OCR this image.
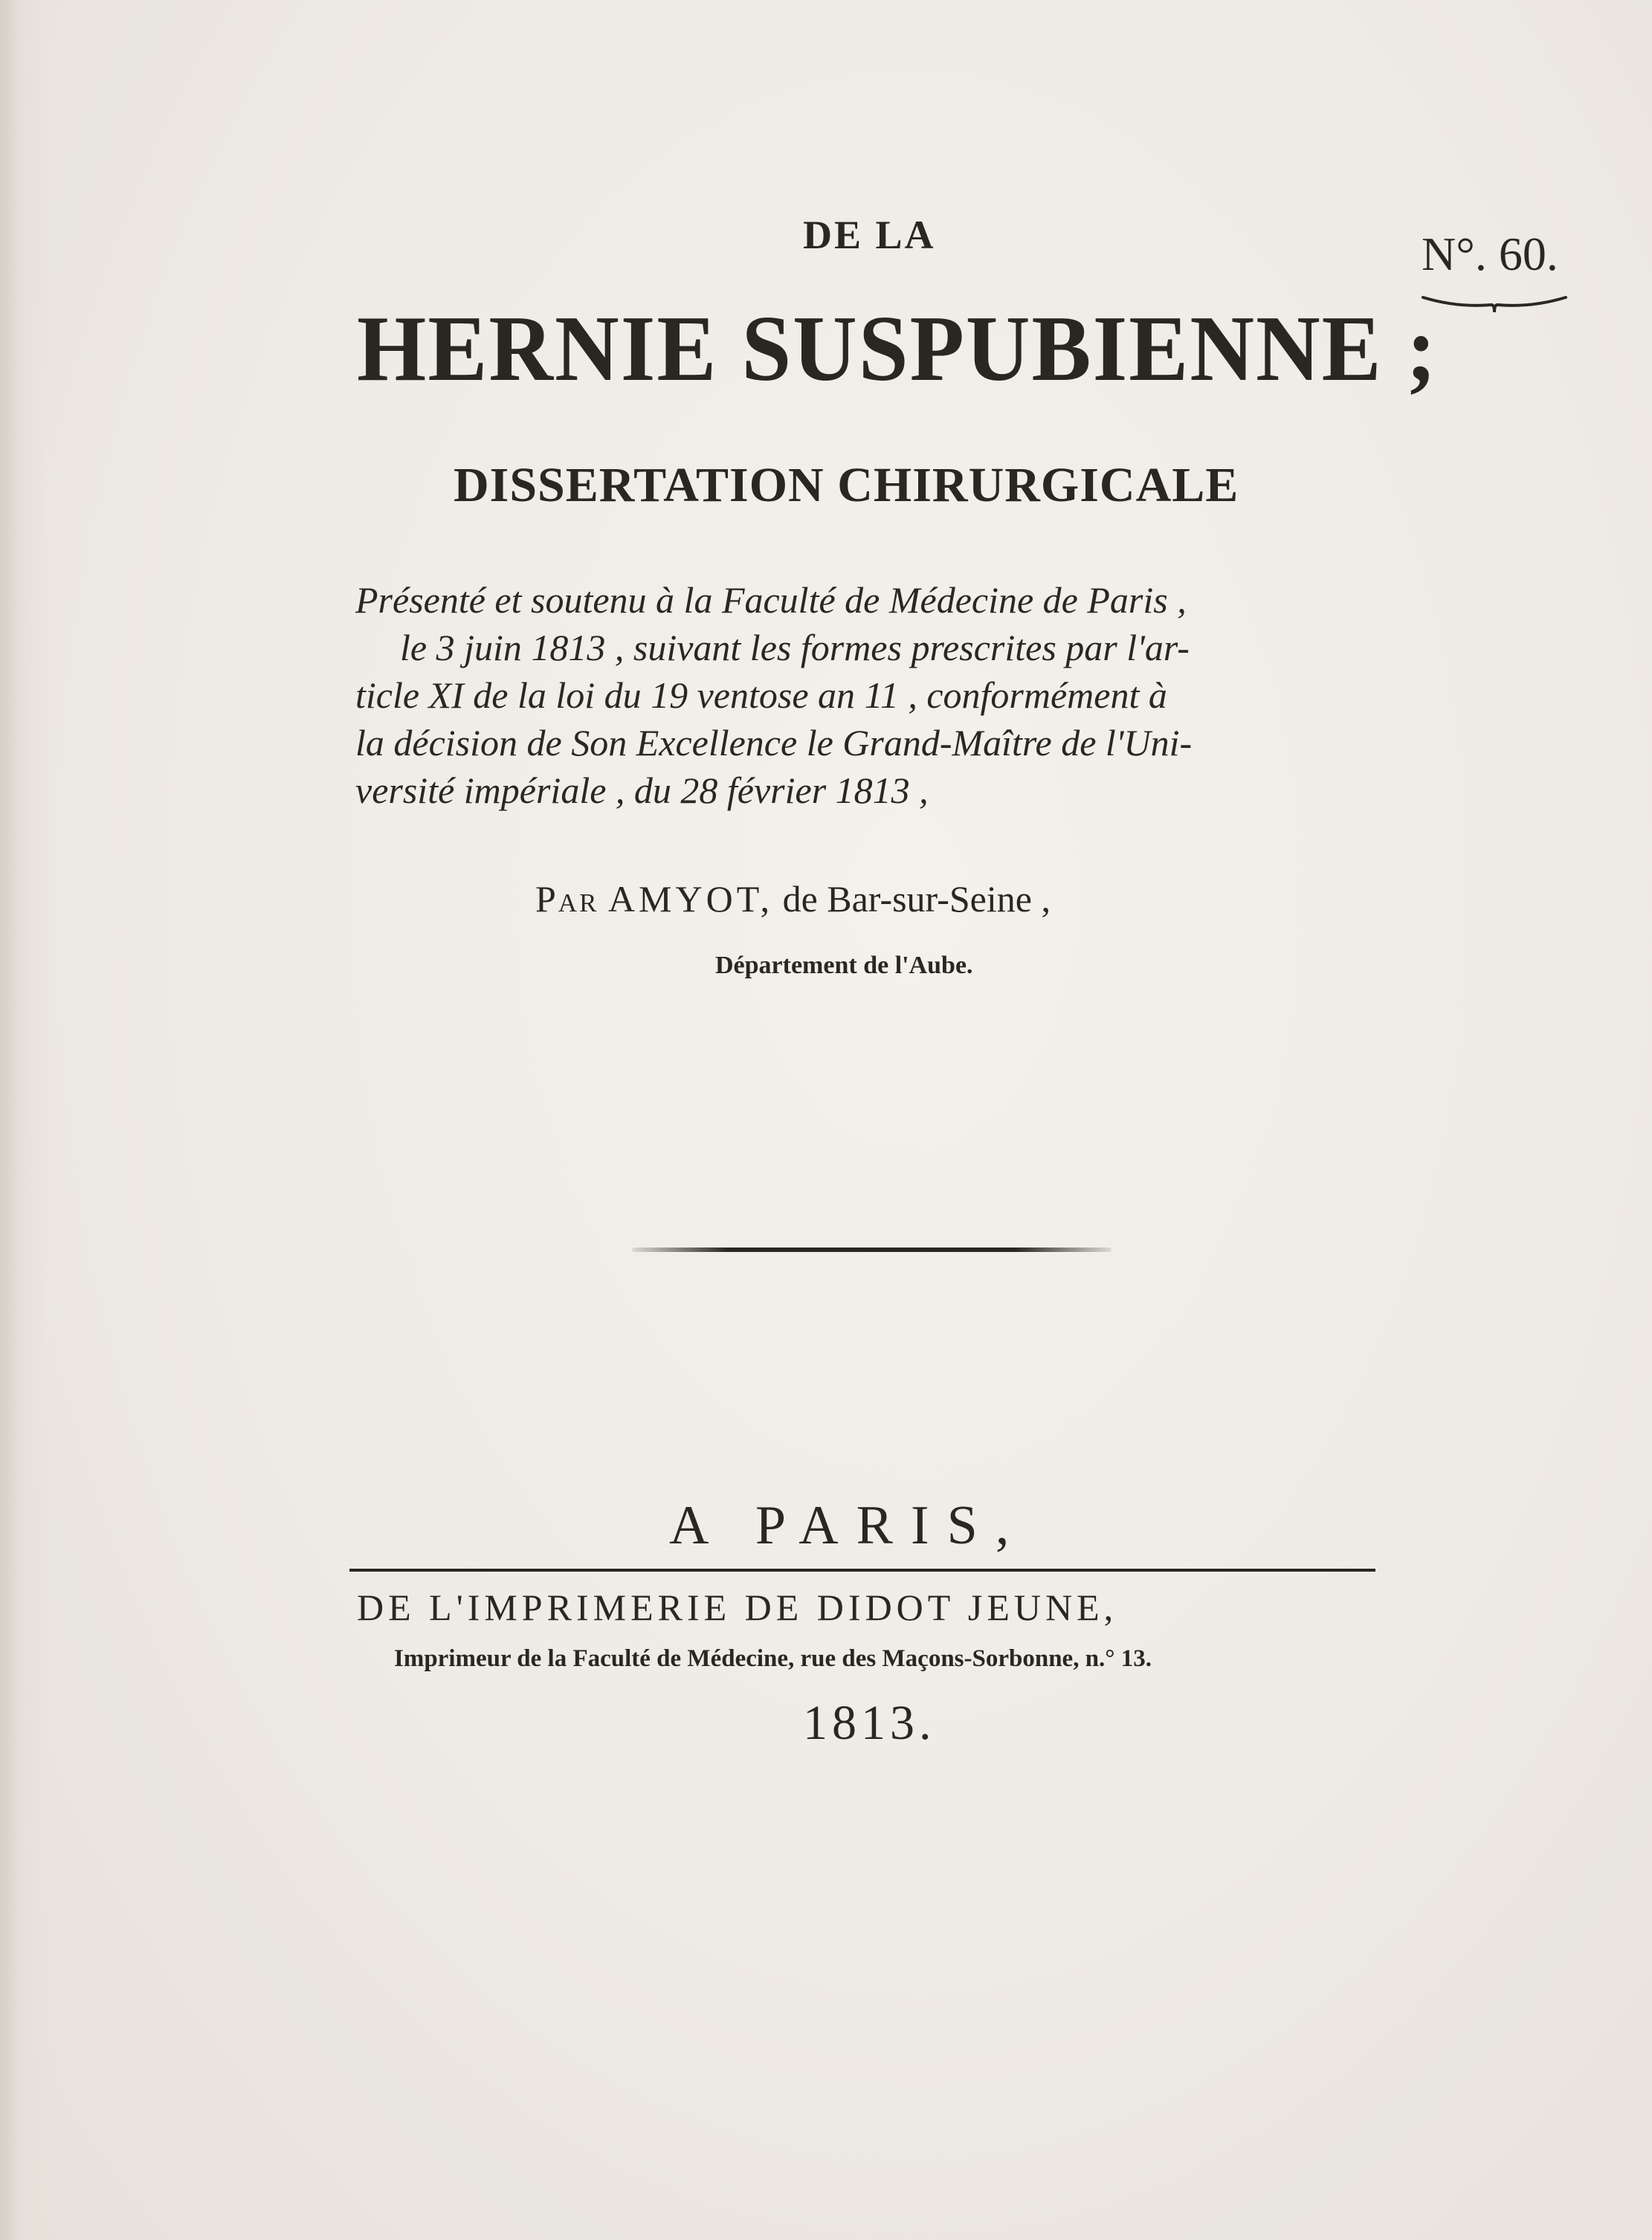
DE LA	N°. 60.
HERNIE SUSPUBIENNE ;
DISSERTATION CHIRURGICALE
Présenté et soutenu à la Faculté de Médecine de Paris ,
le 3 juin 1813 , suivant les formes prescrites par l'ar-
ticle XI de la loi du 19 ventose an 11 , conformément à
la décision de Son Excellence le Grand-Maître de l'Uni-
versité impériale , du 28 février 1813 ,
Par AMYOT, de Bar-sur-Seine ,
Département de l'Aube.
A PARIS,
DE L'IMPRIMERIE DE DIDOT JEUNE,
Imprimeur de la Faculté de Médecine, rue des Maçons-Sorbonne, n.° 13.
1813.
